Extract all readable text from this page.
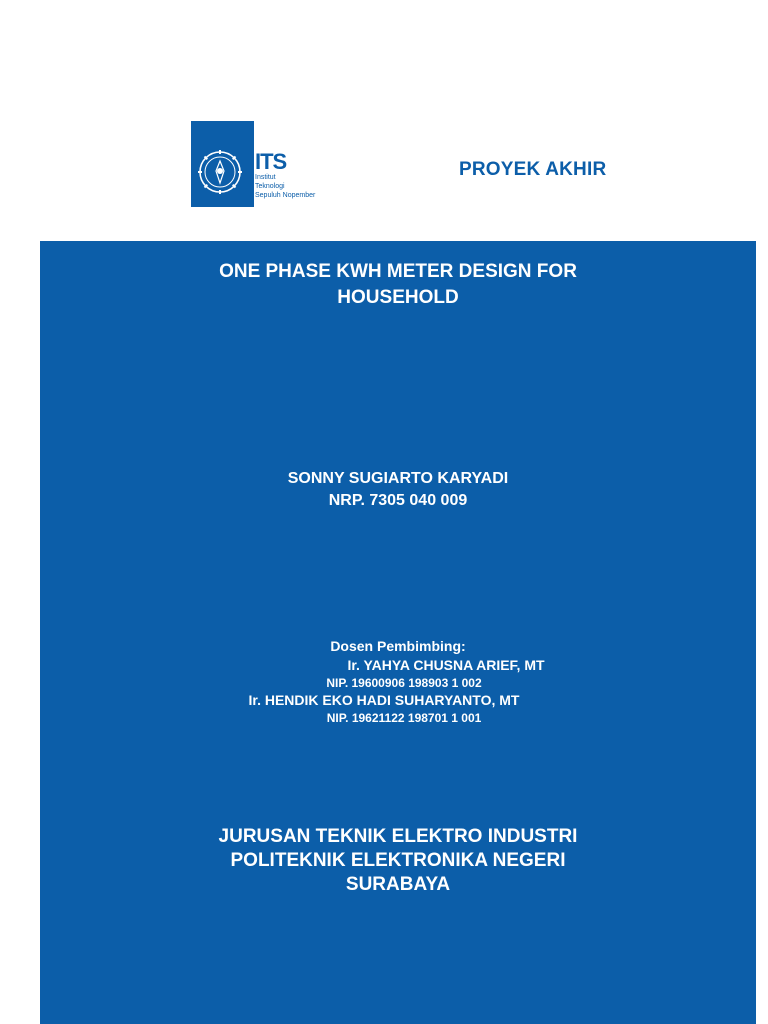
ITS
Institut
Teknologi
Sepuluh Nopember
PROYEK AKHIR
ONE PHASE KWH METER DESIGN FOR
HOUSEHOLD
SONNY SUGIARTO KARYADI
NRP. 7305 040 009
Dosen Pembimbing:
Ir. YAHYA CHUSNA ARIEF, MT
NIP. 19600906 198903 1 002
Ir. HENDIK EKO HADI SUHARYANTO, MT
NIP. 19621122 198701 1 001
JURUSAN TEKNIK ELEKTRO INDUSTRI
POLITEKNIK ELEKTRONIKA NEGERI
SURABAYA
